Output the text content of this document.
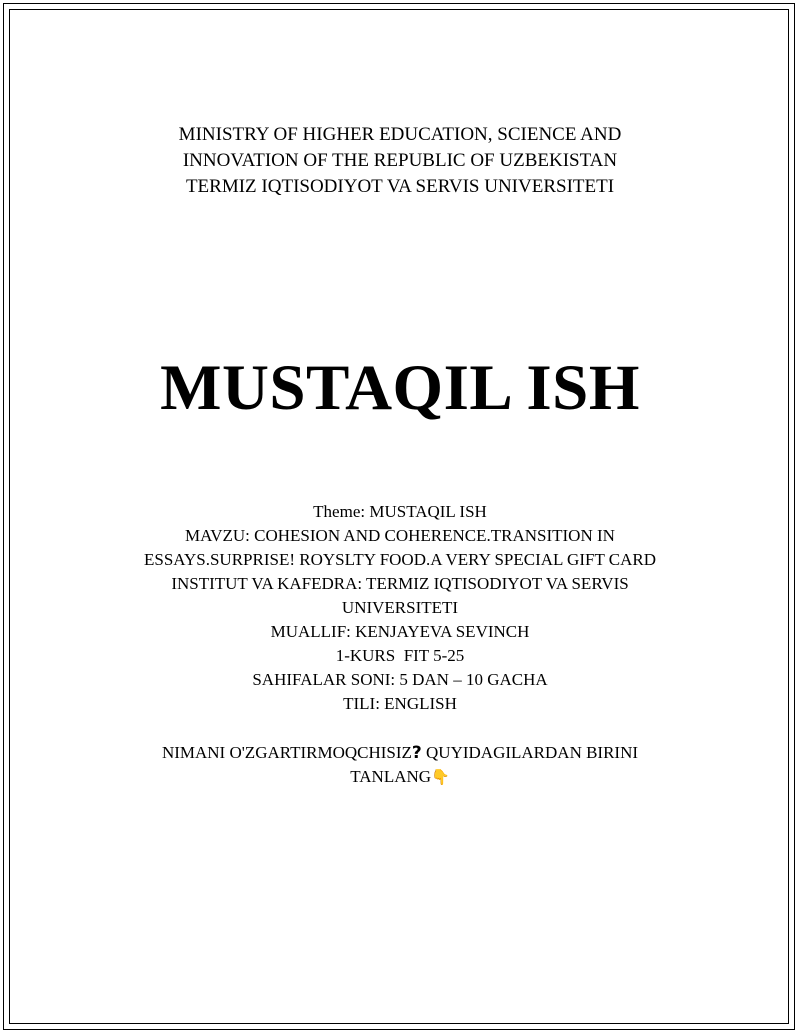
MINISTRY OF HIGHER EDUCATION, SCIENCE AND
INNOVATION OF THE REPUBLIC OF UZBEKISTAN
TERMIZ IQTISODIYOT VA SERVIS UNIVERSITETI
MUSTAQIL ISH
Theme: MUSTAQIL ISH
MAVZU: COHESION AND COHERENCE.TRANSITION IN
ESSAYS.SURPRISE! ROYSLTY FOOD.A VERY SPECIAL GIFT CARD
INSTITUT VA KAFEDRA: TERMIZ IQTISODIYOT VA SERVIS
UNIVERSITETI
MUALLIF: KENJAYEVA SEVINCH
1-KURS  FIT 5-25
SAHIFALAR SONI: 5 DAN – 10 GACHA
TILI: ENGLISH
NIMANI O'ZGARTIRMOQCHISIZ? QUYIDAGILARDAN BIRINI
TANLANG👇
